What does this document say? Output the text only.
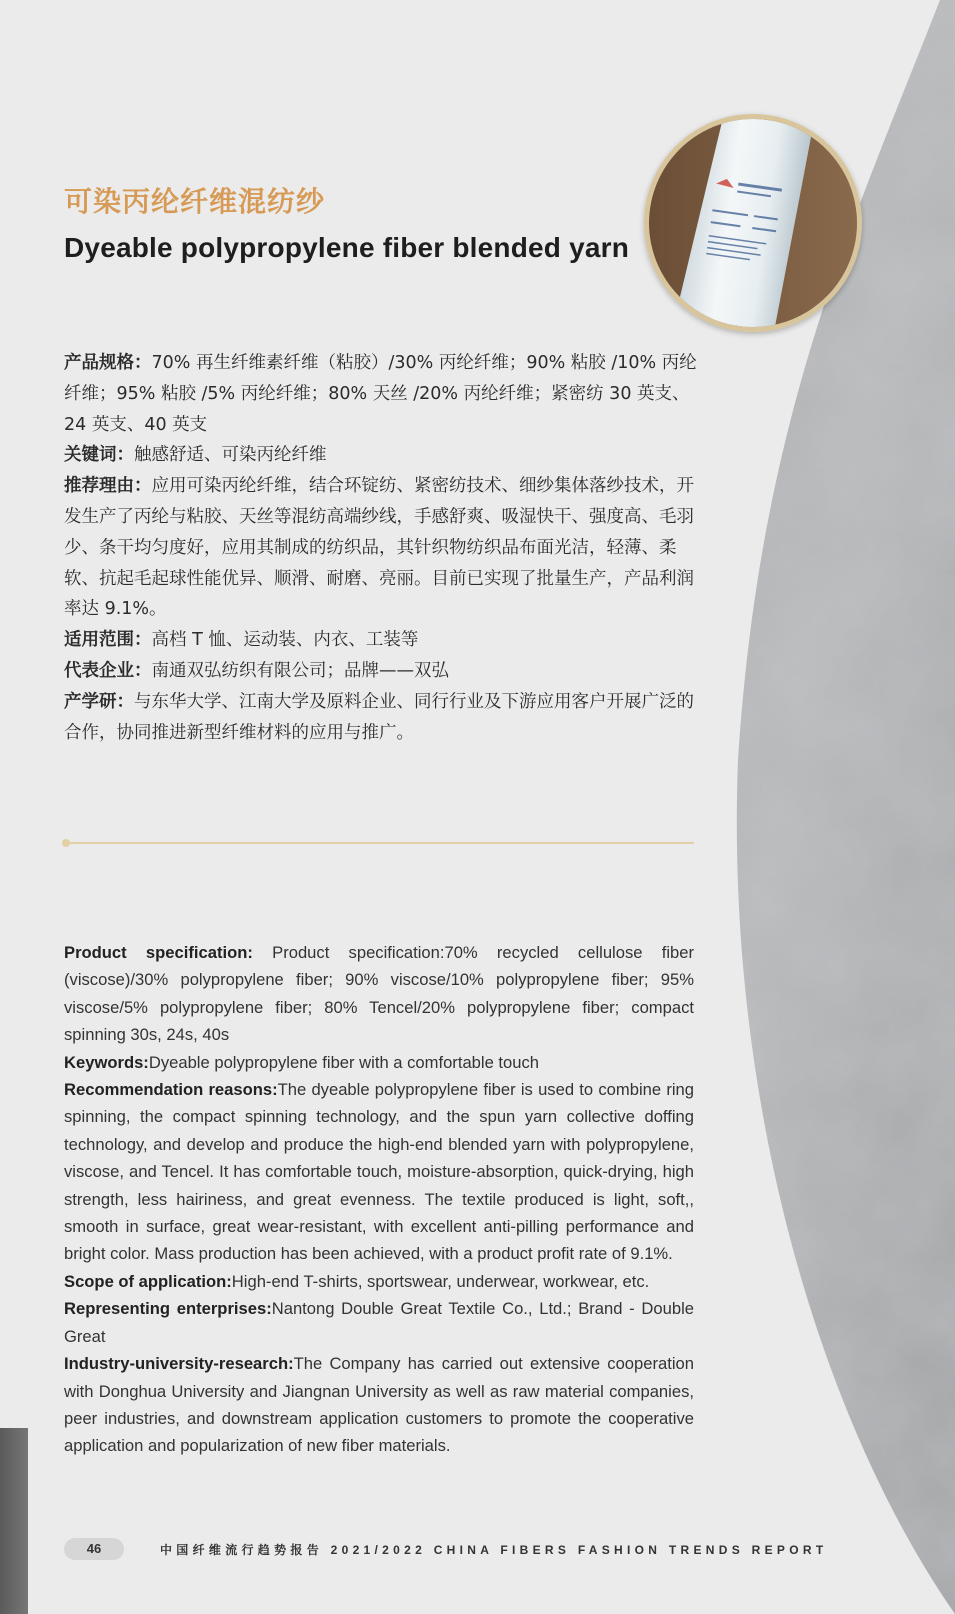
可染丙纶纤维混纺纱
Dyeable polypropylene fiber blended yarn

产品规格：70% 再生纤维素纤维（粘胶）/30% 丙纶纤维；90% 粘胶 /10% 丙纶纤维；95% 粘胶 /5% 丙纶纤维；80% 天丝 /20% 丙纶纤维；紧密纺 30 英支、24 英支、40 英支

关键词：触感舒适、可染丙纶纤维

推荐理由：应用可染丙纶纤维，结合环锭纺、紧密纺技术、细纱集体落纱技术，开发生产了丙纶与粘胶、天丝等混纺高端纱线，手感舒爽、吸湿快干、强度高、毛羽少、条干均匀度好，应用其制成的纺织品，其针织物纺织品布面光洁，轻薄、柔软、抗起毛起球性能优异、顺滑、耐磨、亮丽。目前已实现了批量生产，产品利润率达 9.1%。

适用范围：高档 T 恤、运动装、内衣、工装等

代表企业：南通双弘纺织有限公司；品牌——双弘

产学研：与东华大学、江南大学及原料企业、同行行业及下游应用客户开展广泛的合作，协同推进新型纤维材料的应用与推广。

Product specification: Product specification:70% recycled cellulose fiber (viscose)/30% polypropylene fiber; 90% viscose/10% polypropylene fiber; 95% viscose/5% polypropylene fiber; 80% Tencel/20% polypropylene fiber; compact spinning 30s, 24s, 40s

Keywords:Dyeable polypropylene fiber with a comfortable touch

Recommendation reasons:The dyeable polypropylene fiber is used to combine ring spinning, the compact spinning technology, and the spun yarn collective doffing technology, and develop and produce the high-end blended yarn with polypropylene, viscose, and Tencel. It has comfortable touch, moisture-absorption, quick-drying, high strength, less hairiness, and great evenness. The textile produced is light, soft,, smooth in surface, great wear-resistant, with excellent anti-pilling performance and bright color. Mass production has been achieved, with a product profit rate of 9.1%.

Scope of application:High-end T-shirts, sportswear, underwear, workwear, etc.

Representing enterprises:Nantong Double Great Textile Co., Ltd.; Brand - Double Great

Industry-university-research:The Company has carried out extensive cooperation with Donghua University and Jiangnan University as well as raw material companies, peer industries, and downstream application customers to promote the cooperative application and popularization of new fiber materials.

46	中国纤维流行趋势报告 2021/2022 CHINA FIBERS FASHION TRENDS REPORT
